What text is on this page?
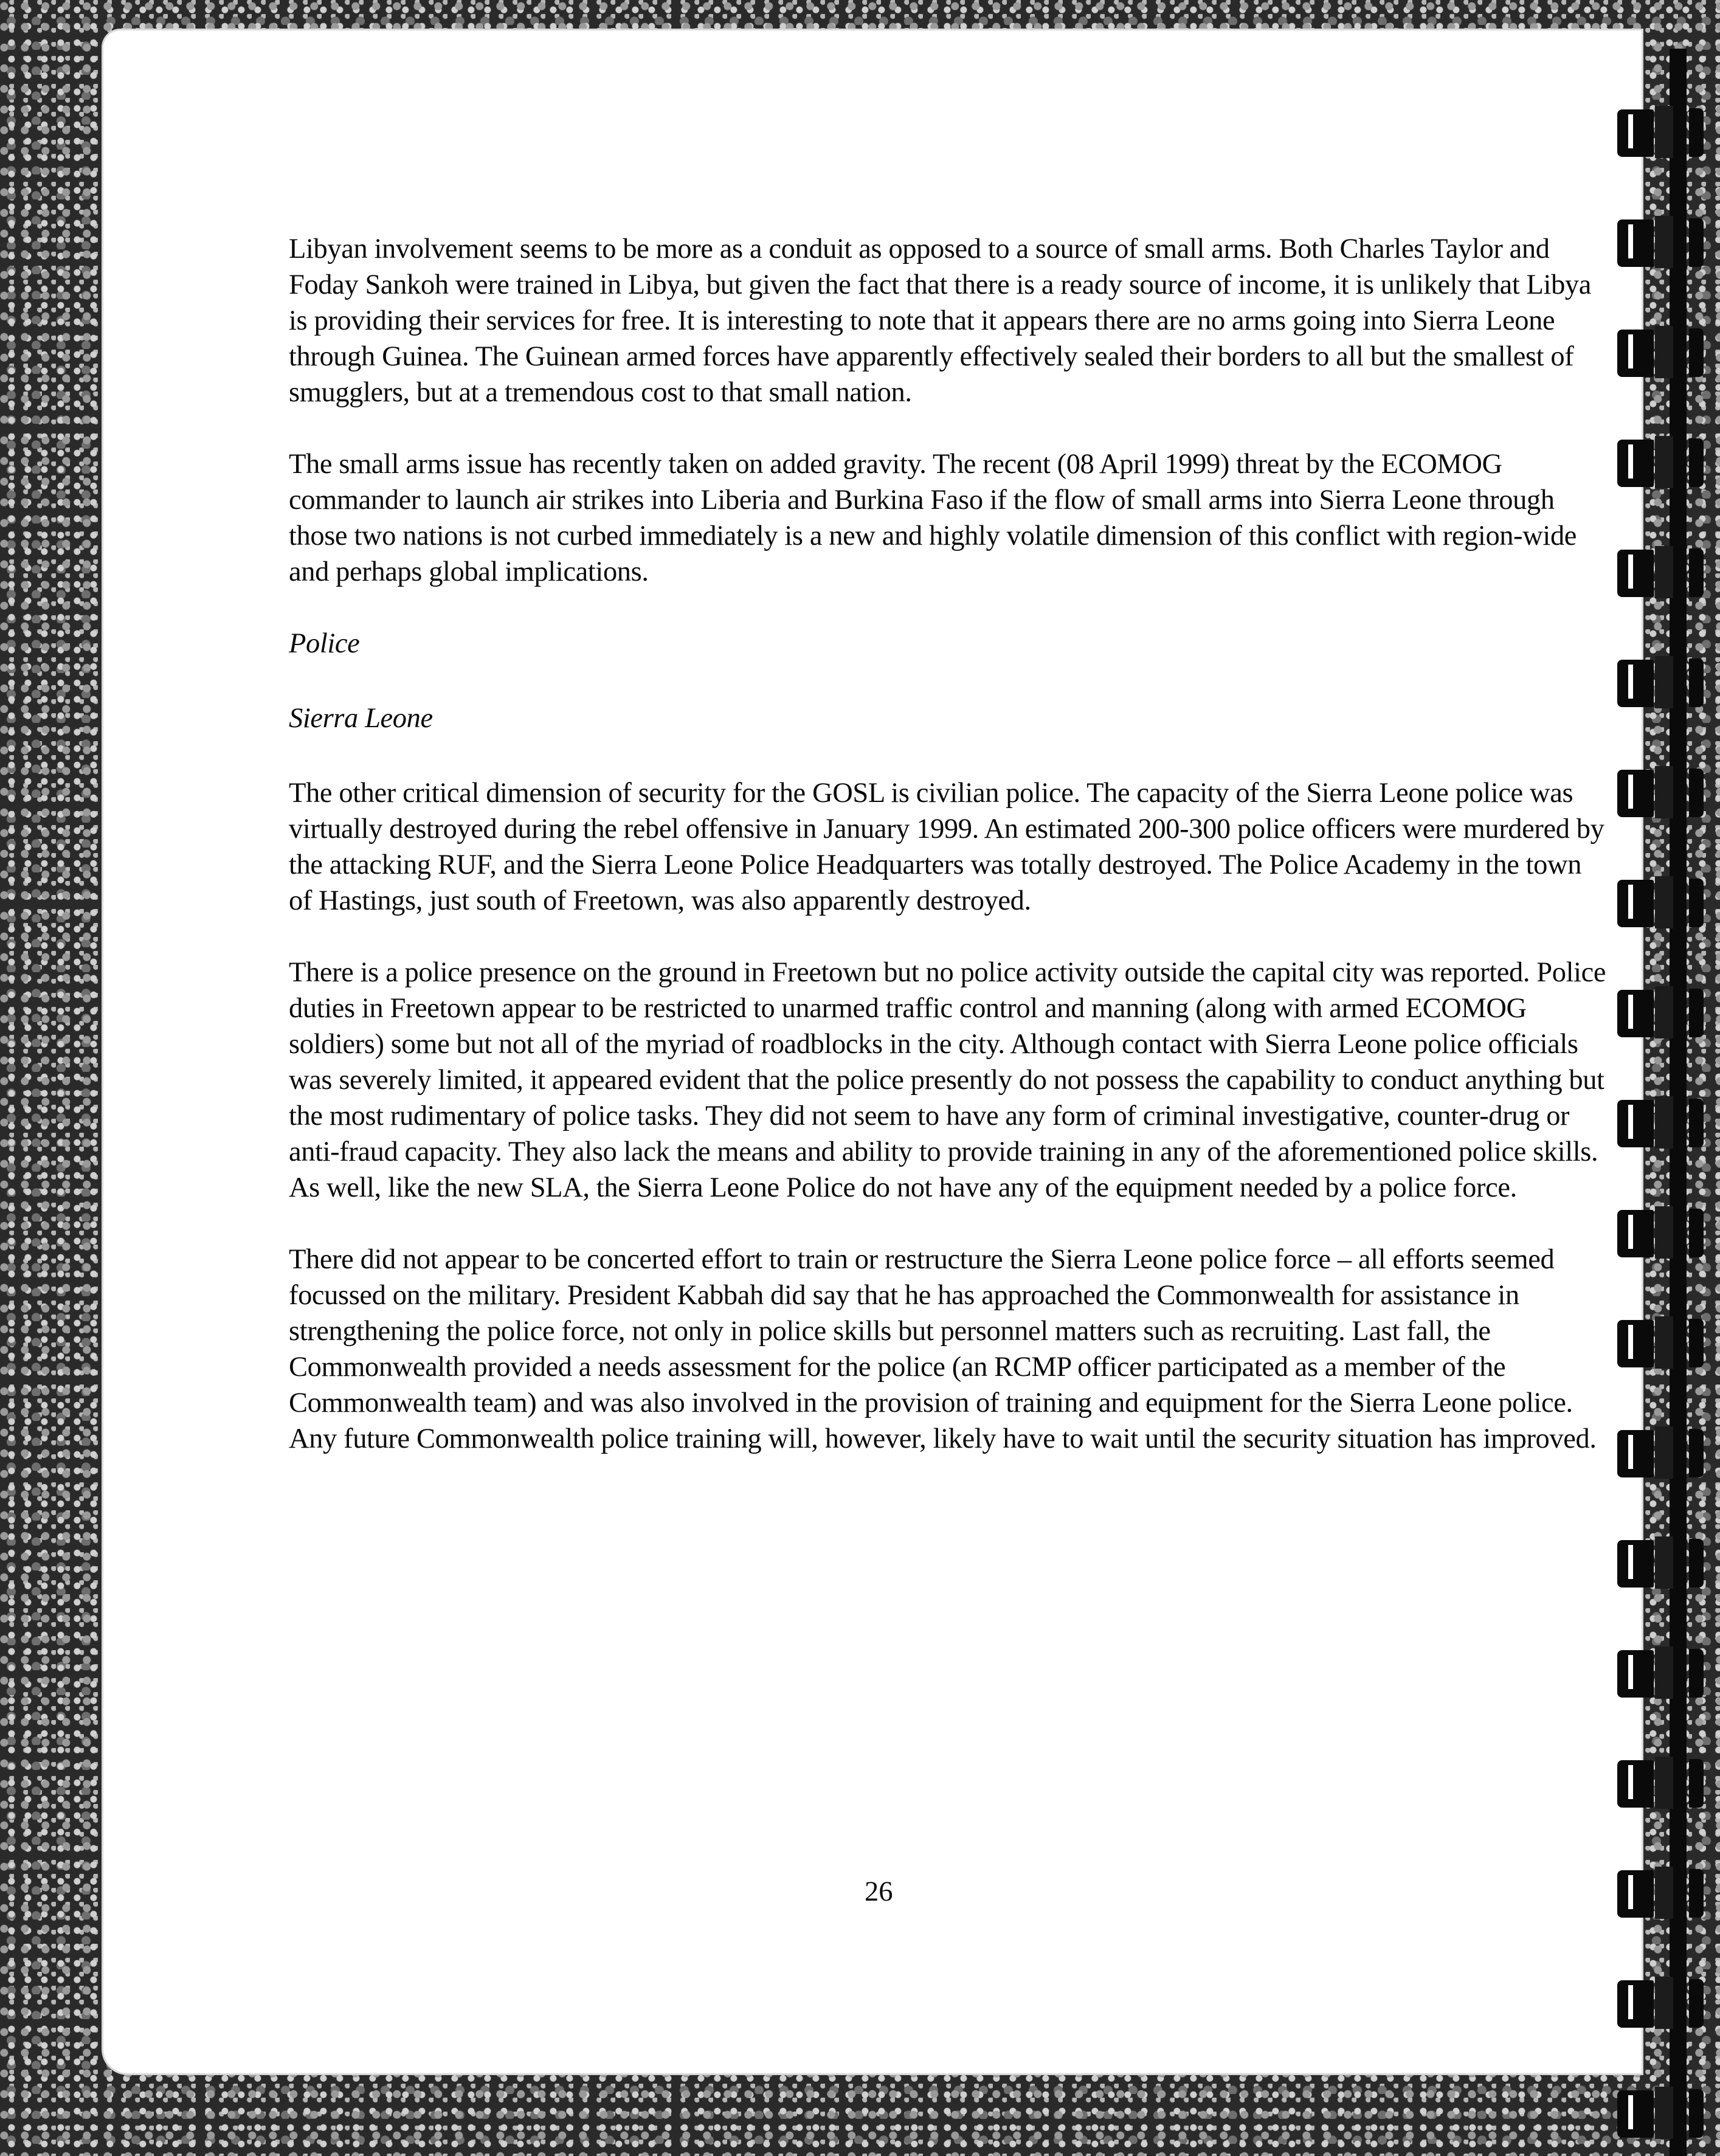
Libyan involvement seems to be more as a conduit as opposed to a source of small arms. Both Charles Taylor and Foday Sankoh were trained in Libya, but given the fact that there is a ready source of income, it is unlikely that Libya is providing their services for free. It is interesting to note that it appears there are no arms going into Sierra Leone through Guinea. The Guinean armed forces have apparently effectively sealed their borders to all but the smallest of smugglers, but at a tremendous cost to that small nation.

The small arms issue has recently taken on added gravity. The recent (08 April 1999) threat by the ECOMOG commander to launch air strikes into Liberia and Burkina Faso if the flow of small arms into Sierra Leone through those two nations is not curbed immediately is a new and highly volatile dimension of this conflict with region-wide and perhaps global implications.

Police

Sierra Leone

The other critical dimension of security for the GOSL is civilian police. The capacity of the Sierra Leone police was virtually destroyed during the rebel offensive in January 1999. An estimated 200-300 police officers were murdered by the attacking RUF, and the Sierra Leone Police Headquarters was totally destroyed. The Police Academy in the town of Hastings, just south of Freetown, was also apparently destroyed.

There is a police presence on the ground in Freetown but no police activity outside the capital city was reported. Police duties in Freetown appear to be restricted to unarmed traffic control and manning (along with armed ECOMOG soldiers) some but not all of the myriad of roadblocks in the city. Although contact with Sierra Leone police officials was severely limited, it appeared evident that the police presently do not possess the capability to conduct anything but the most rudimentary of police tasks. They did not seem to have any form of criminal investigative, counter-drug or anti-fraud capacity. They also lack the means and ability to provide training in any of the aforementioned police skills. As well, like the new SLA, the Sierra Leone Police do not have any of the equipment needed by a police force.

There did not appear to be concerted effort to train or restructure the Sierra Leone police force – all efforts seemed focussed on the military. President Kabbah did say that he has approached the Commonwealth for assistance in strengthening the police force, not only in police skills but personnel matters such as recruiting. Last fall, the Commonwealth provided a needs assessment for the police (an RCMP officer participated as a member of the Commonwealth team) and was also involved in the provision of training and equipment for the Sierra Leone police. Any future Commonwealth police training will, however, likely have to wait until the security situation has improved.

26
